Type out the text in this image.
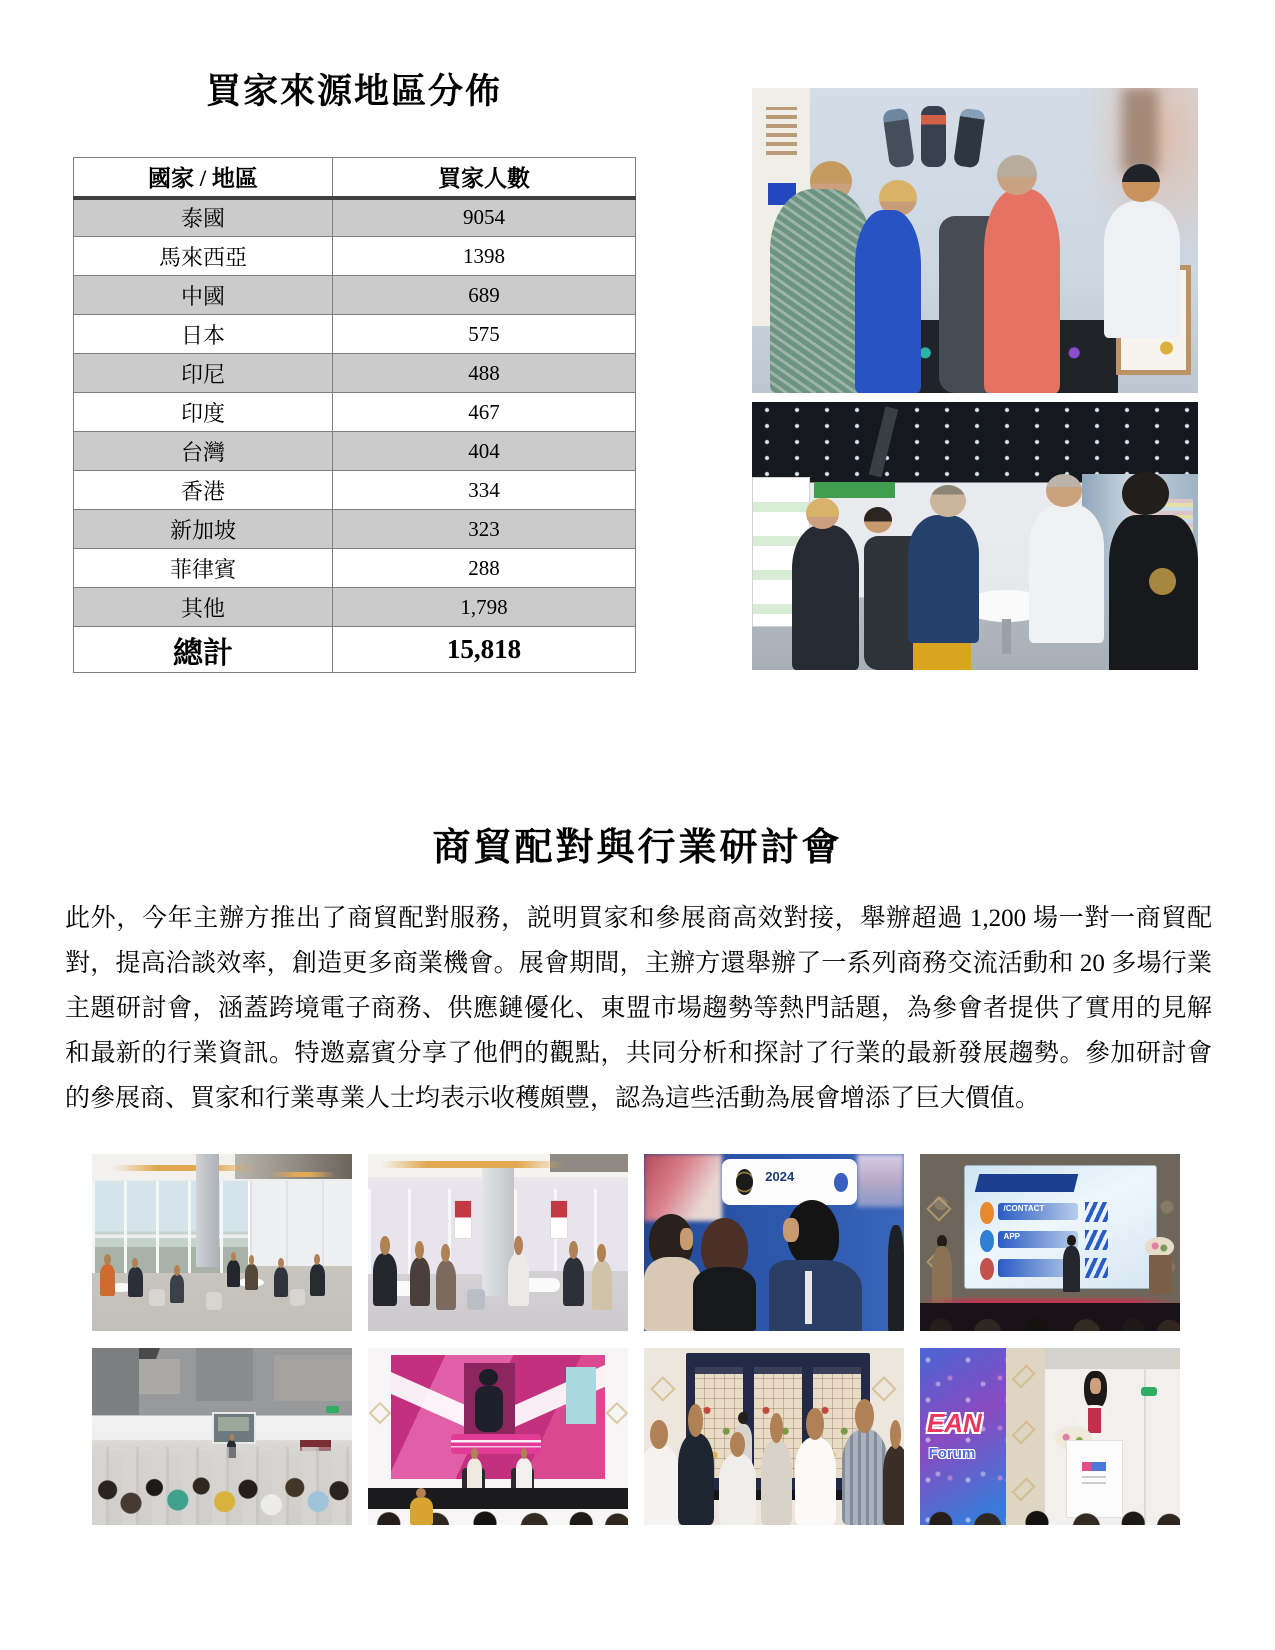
買家來源地區分佈
國家 / 地區	買家人數
泰國	9054
馬來西亞	1398
中國	689
日本	575
印尼	488
印度	467
台灣	404
香港	334
新加坡	323
菲律賓	288
其他	1,798
總計	15,818
商貿配對與行業研討會

此外，今年主辦方推出了商貿配對服務，説明買家和參展商高效對接，舉辦超過 1,200 場一對一商貿配對，提高洽談效率，創造更多商業機會。展會期間，主辦方還舉辦了一系列商務交流活動和 20 多場行業主題研討會，涵蓋跨境電子商務、供應鏈優化、東盟市場趨勢等熱門話題，為參會者提供了實用的見解和最新的行業資訊。特邀嘉賓分享了他們的觀點，共同分析和探討了行業的最新發展趨勢。參加研討會的參展商、買家和行業專業人士均表示收穫頗豐，認為這些活動為展會增添了巨大價值。

2024
/CONTACT
APP
EAN
Forum
